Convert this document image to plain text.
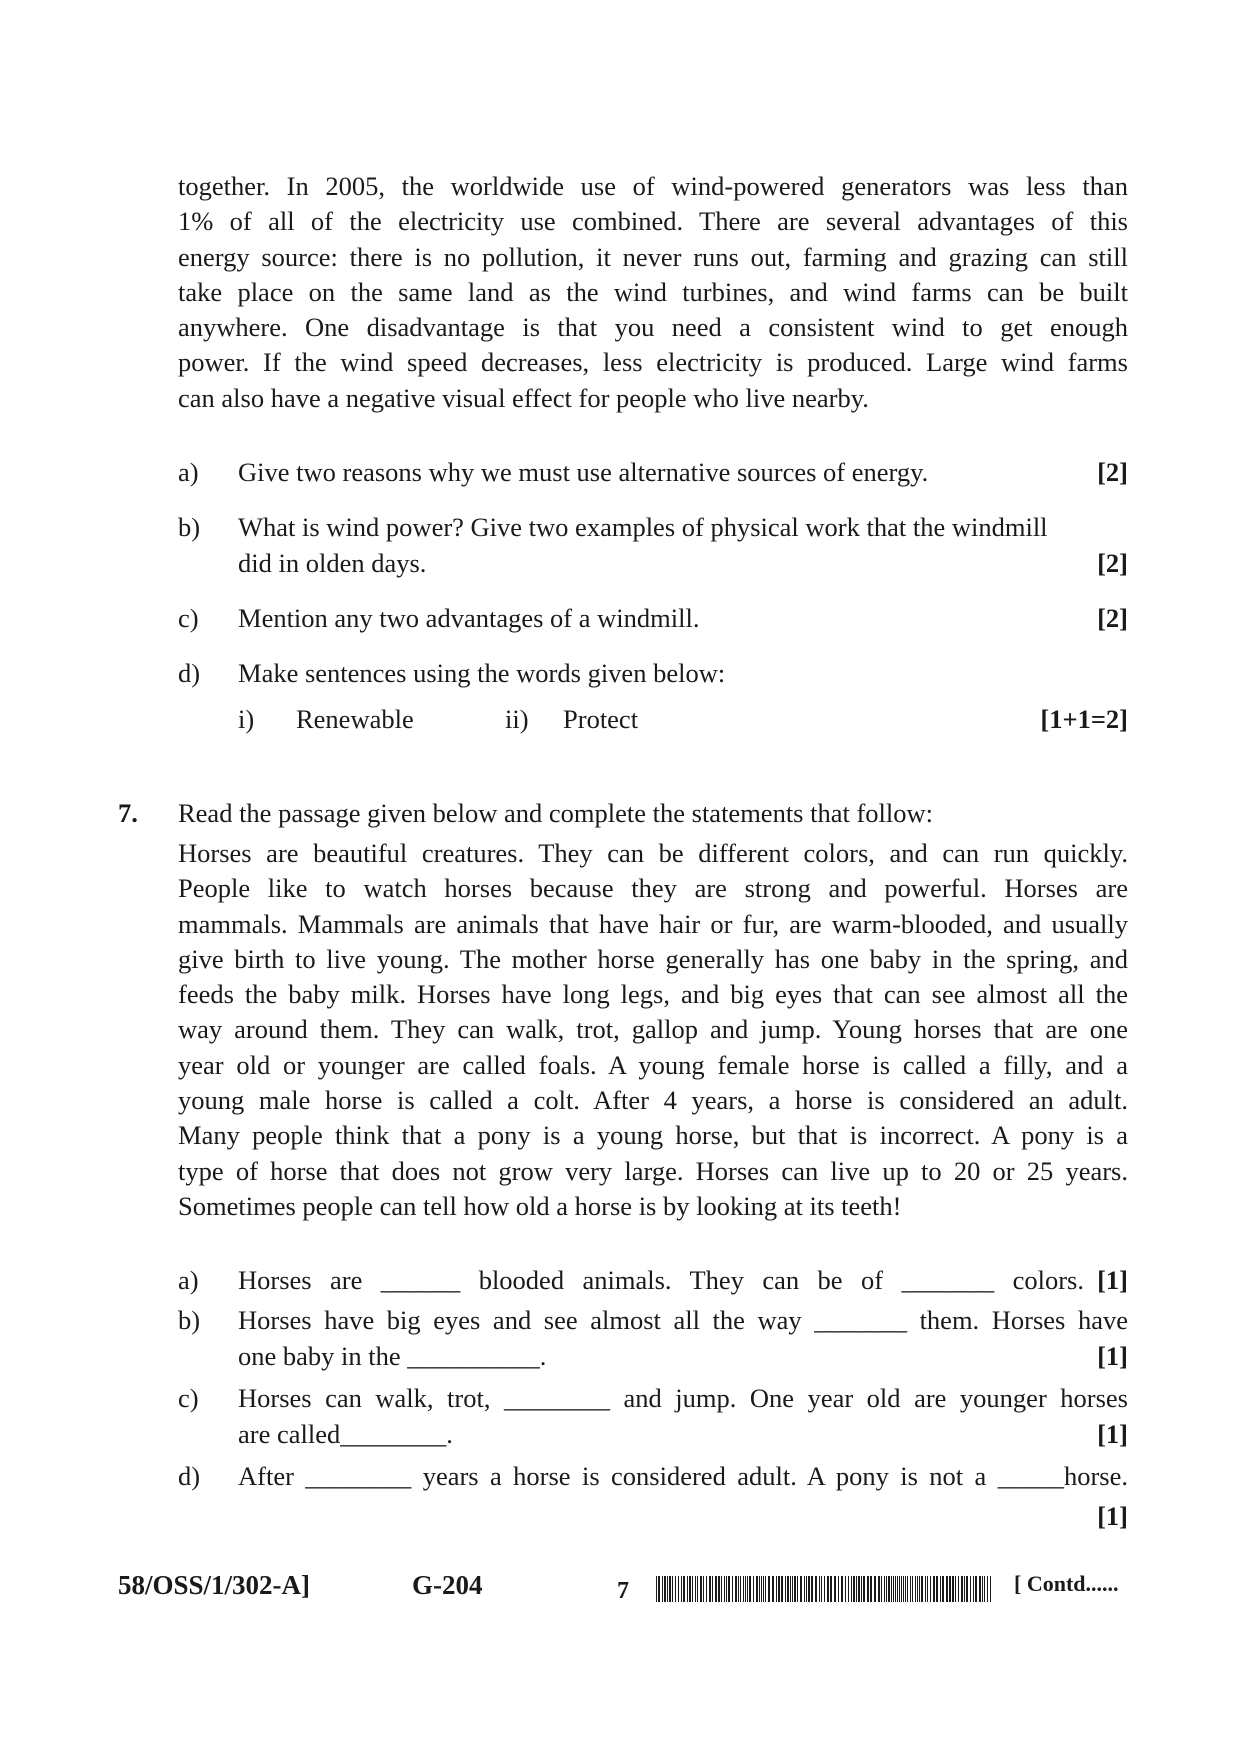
together. In 2005, the worldwide use of wind-powered generators was less than
1% of all of the electricity use combined. There are several advantages of this
energy source: there is no pollution, it never runs out, farming and grazing can still
take place on the same land as the wind turbines, and wind farms can be built
anywhere. One disadvantage is that you need a consistent wind to get enough
power. If the wind speed decreases, less electricity is produced. Large wind farms
can also have a negative visual effect for people who live nearby.
a) Give two reasons why we must use alternative sources of energy.	[2]
b) What is wind power? Give two examples of physical work that the windmill
did in olden days.	[2]
c) Mention any two advantages of a windmill.	[2]
d) Make sentences using the words given below:
i) Renewable	ii) Protect	[1+1=2]
7. Read the passage given below and complete the statements that follow:
Horses are beautiful creatures. They can be different colors, and can run quickly.
People like to watch horses because they are strong and powerful. Horses are
mammals. Mammals are animals that have hair or fur, are warm-blooded, and usually
give birth to live young. The mother horse generally has one baby in the spring, and
feeds the baby milk. Horses have long legs, and big eyes that can see almost all the
way around them. They can walk, trot, gallop and jump. Young horses that are one
year old or younger are called foals. A young female horse is called a filly, and a
young male horse is called a colt. After 4 years, a horse is considered an adult.
Many people think that a pony is a young horse, but that is incorrect. A pony is a
type of horse that does not grow very large. Horses can live up to 20 or 25 years.
Sometimes people can tell how old a horse is by looking at its teeth!
a) Horses are ______ blooded animals. They can be of _______ colors. [1]
b) Horses have big eyes and see almost all the way _______ them. Horses have
one baby in the __________.	[1]
c) Horses can walk, trot, ________ and jump. One year old are younger horses
are called________.	[1]
d) After ________ years a horse is considered adult. A pony is not a _____horse.
[1]
58/OSS/1/302-A]	G-204	7	[ Contd......
